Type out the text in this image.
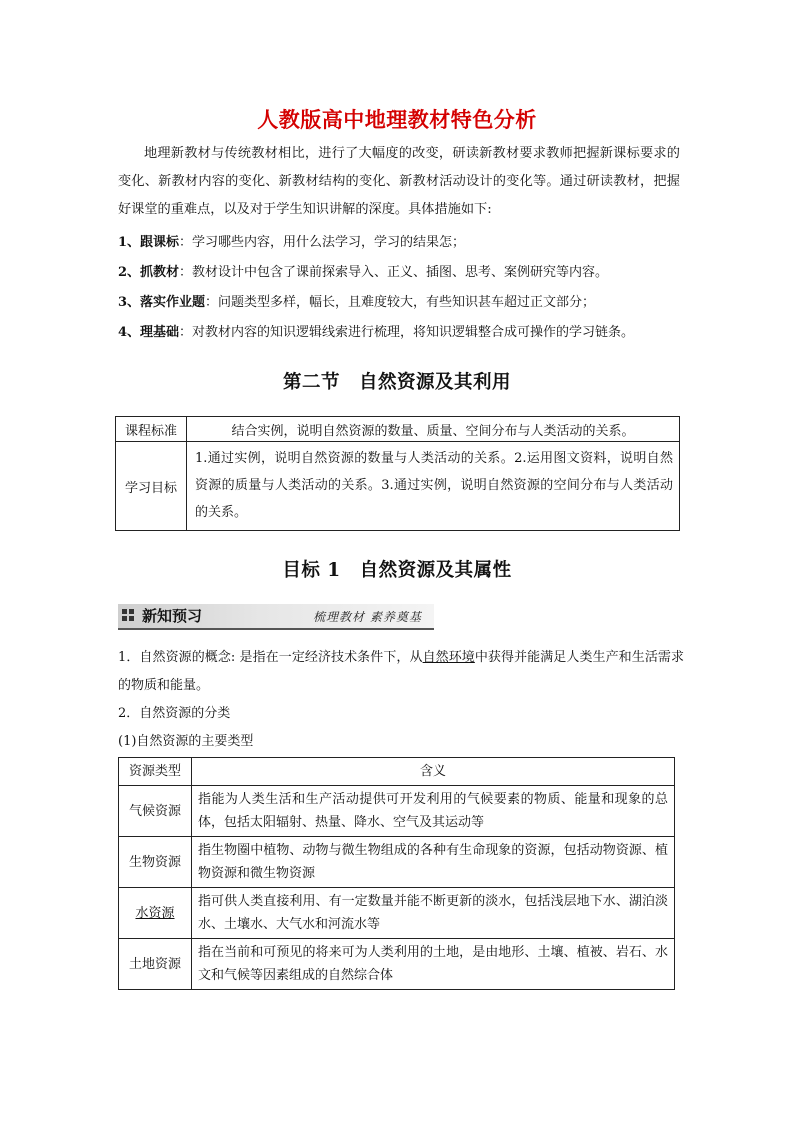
人教版高中地理教材特色分析
地理新教材与传统教材相比，进行了大幅度的改变，研读新教材要求教师把握新课标要求的变化、新教材内容的变化、新教材结构的变化、新教材活动设计的变化等。通过研读教材，把握好课堂的重难点，以及对于学生知识讲解的深度。具体措施如下:
1、跟课标：学习哪些内容，用什么法学习，学习的结果怎；
2、抓教材：教材设计中包含了课前探索导入、正义、插图、思考、案例研究等内容。
3、落实作业题：问题类型多样，幅长，且难度较大，有些知识甚车超过正文部分；
4、理基础：对教材内容的知识逻辑线索进行梳理，将知识逻辑整合成可操作的学习链条。
第二节　自然资源及其利用
课程标准	结合实例，说明自然资源的数量、质量、空间分布与人类活动的关系。
学习目标	1.通过实例，说明自然资源的数量与人类活动的关系。2.运用图文资料，说明自然资源的质量与人类活动的关系。3.通过实例，说明自然资源的空间分布与人类活动的关系。
目标 1　自然资源及其属性
新知预习	梳理教材 素养奠基
1．自然资源的概念: 是指在一定经济技术条件下，从自然环境中获得并能满足人类生产和生活需求的物质和能量。
2．自然资源的分类
(1)自然资源的主要类型
资源类型	含义
气候资源	指能为人类生活和生产活动提供可开发利用的气候要素的物质、能量和现象的总体，包括太阳辐射、热量、降水、空气及其运动等
生物资源	指生物圈中植物、动物与微生物组成的各种有生命现象的资源，包括动物资源、植物资源和微生物资源
水资源	指可供人类直接利用、有一定数量并能不断更新的淡水，包括浅层地下水、湖泊淡水、土壤水、大气水和河流水等
土地资源	指在当前和可预见的将来可为人类利用的土地，是由地形、土壤、植被、岩石、水文和气候等因素组成的自然综合体
